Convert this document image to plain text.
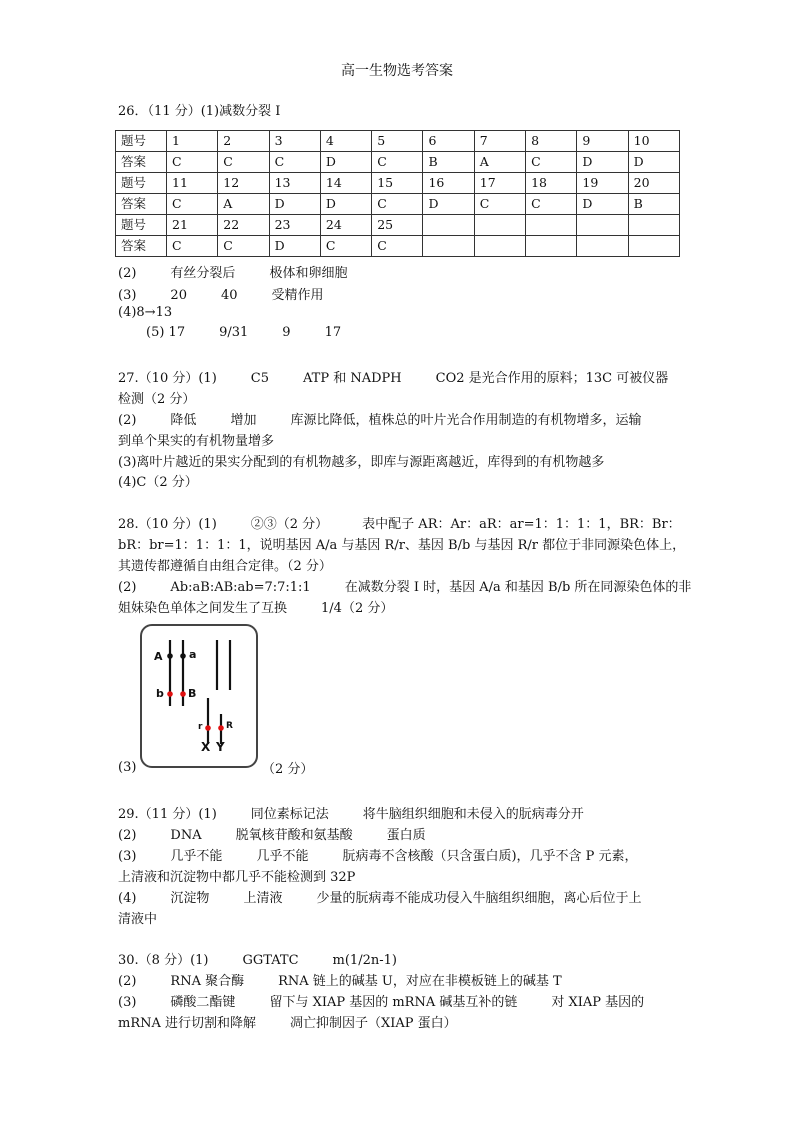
高一生物选考答案
26．（11 分）(1)减数分裂 I
题号	1	2	3	4	5	6	7	8	9	10
答案	C	C	C	D	C	B	A	C	D	D
题号	11	12	13	14	15	16	17	18	19	20
答案	C	A	D	D	C	D	C	C	D	B
题号	21	22	23	24	25					
答案	C	C	D	C	C					
(2)	有丝分裂后	极体和卵细胞
(3)	20	40	受精作用
(4)8→13
(5) 17	9/31	9	17
27.（10 分）(1)	C5	ATP 和 NADPH	CO2 是光合作用的原料；13C 可被仪器
检测（2 分）
(2)	降低	增加	库源比降低，植株总的叶片光合作用制造的有机物增多，运输
到单个果实的有机物量增多
(3)离叶片越近的果实分配到的有机物越多，即库与源距离越近，库得到的有机物越多
(4)C（2 分）
28.（10 分）(1)	②③（2 分）	表中配子 AR：Ar：aR：ar=1：1：1：1，BR：Br：
bR：br=1：1：1：1，说明基因 A/a 与基因 R/r、基因 B/b 与基因 R/r 都位于非同源染色体上，
其遗传都遵循自由组合定律。（2 分）
(2)	Ab:aB:AB:ab=7:7:1:1	在减数分裂 I 时，基因 A/a 和基因 B/b 所在同源染色体的非
姐妹染色单体之间发生了互换	1/4（2 分）
A a
b B
r	R
X Y
(3)	（2 分）
29.（11 分）(1)	同位素标记法	将牛脑组织细胞和未侵入的朊病毒分开
(2)	DNA	脱氧核苷酸和氨基酸	蛋白质
(3)	几乎不能	几乎不能	朊病毒不含核酸（只含蛋白质)，几乎不含 P 元素，
上清液和沉淀物中都几乎不能检测到 32P
(4)	沉淀物	上清液	少量的朊病毒不能成功侵入牛脑组织细胞，离心后位于上
清液中
30.（8 分）(1)	GGTATC	m(1/2n-1)
(2)	RNA 聚合酶	RNA 链上的碱基 U，对应在非模板链上的碱基 T
(3)	磷酸二酯键	留下与 XIAP 基因的 mRNA 碱基互补的链	对 XIAP 基因的
mRNA 进行切割和降解	凋亡抑制因子（XIAP 蛋白）
